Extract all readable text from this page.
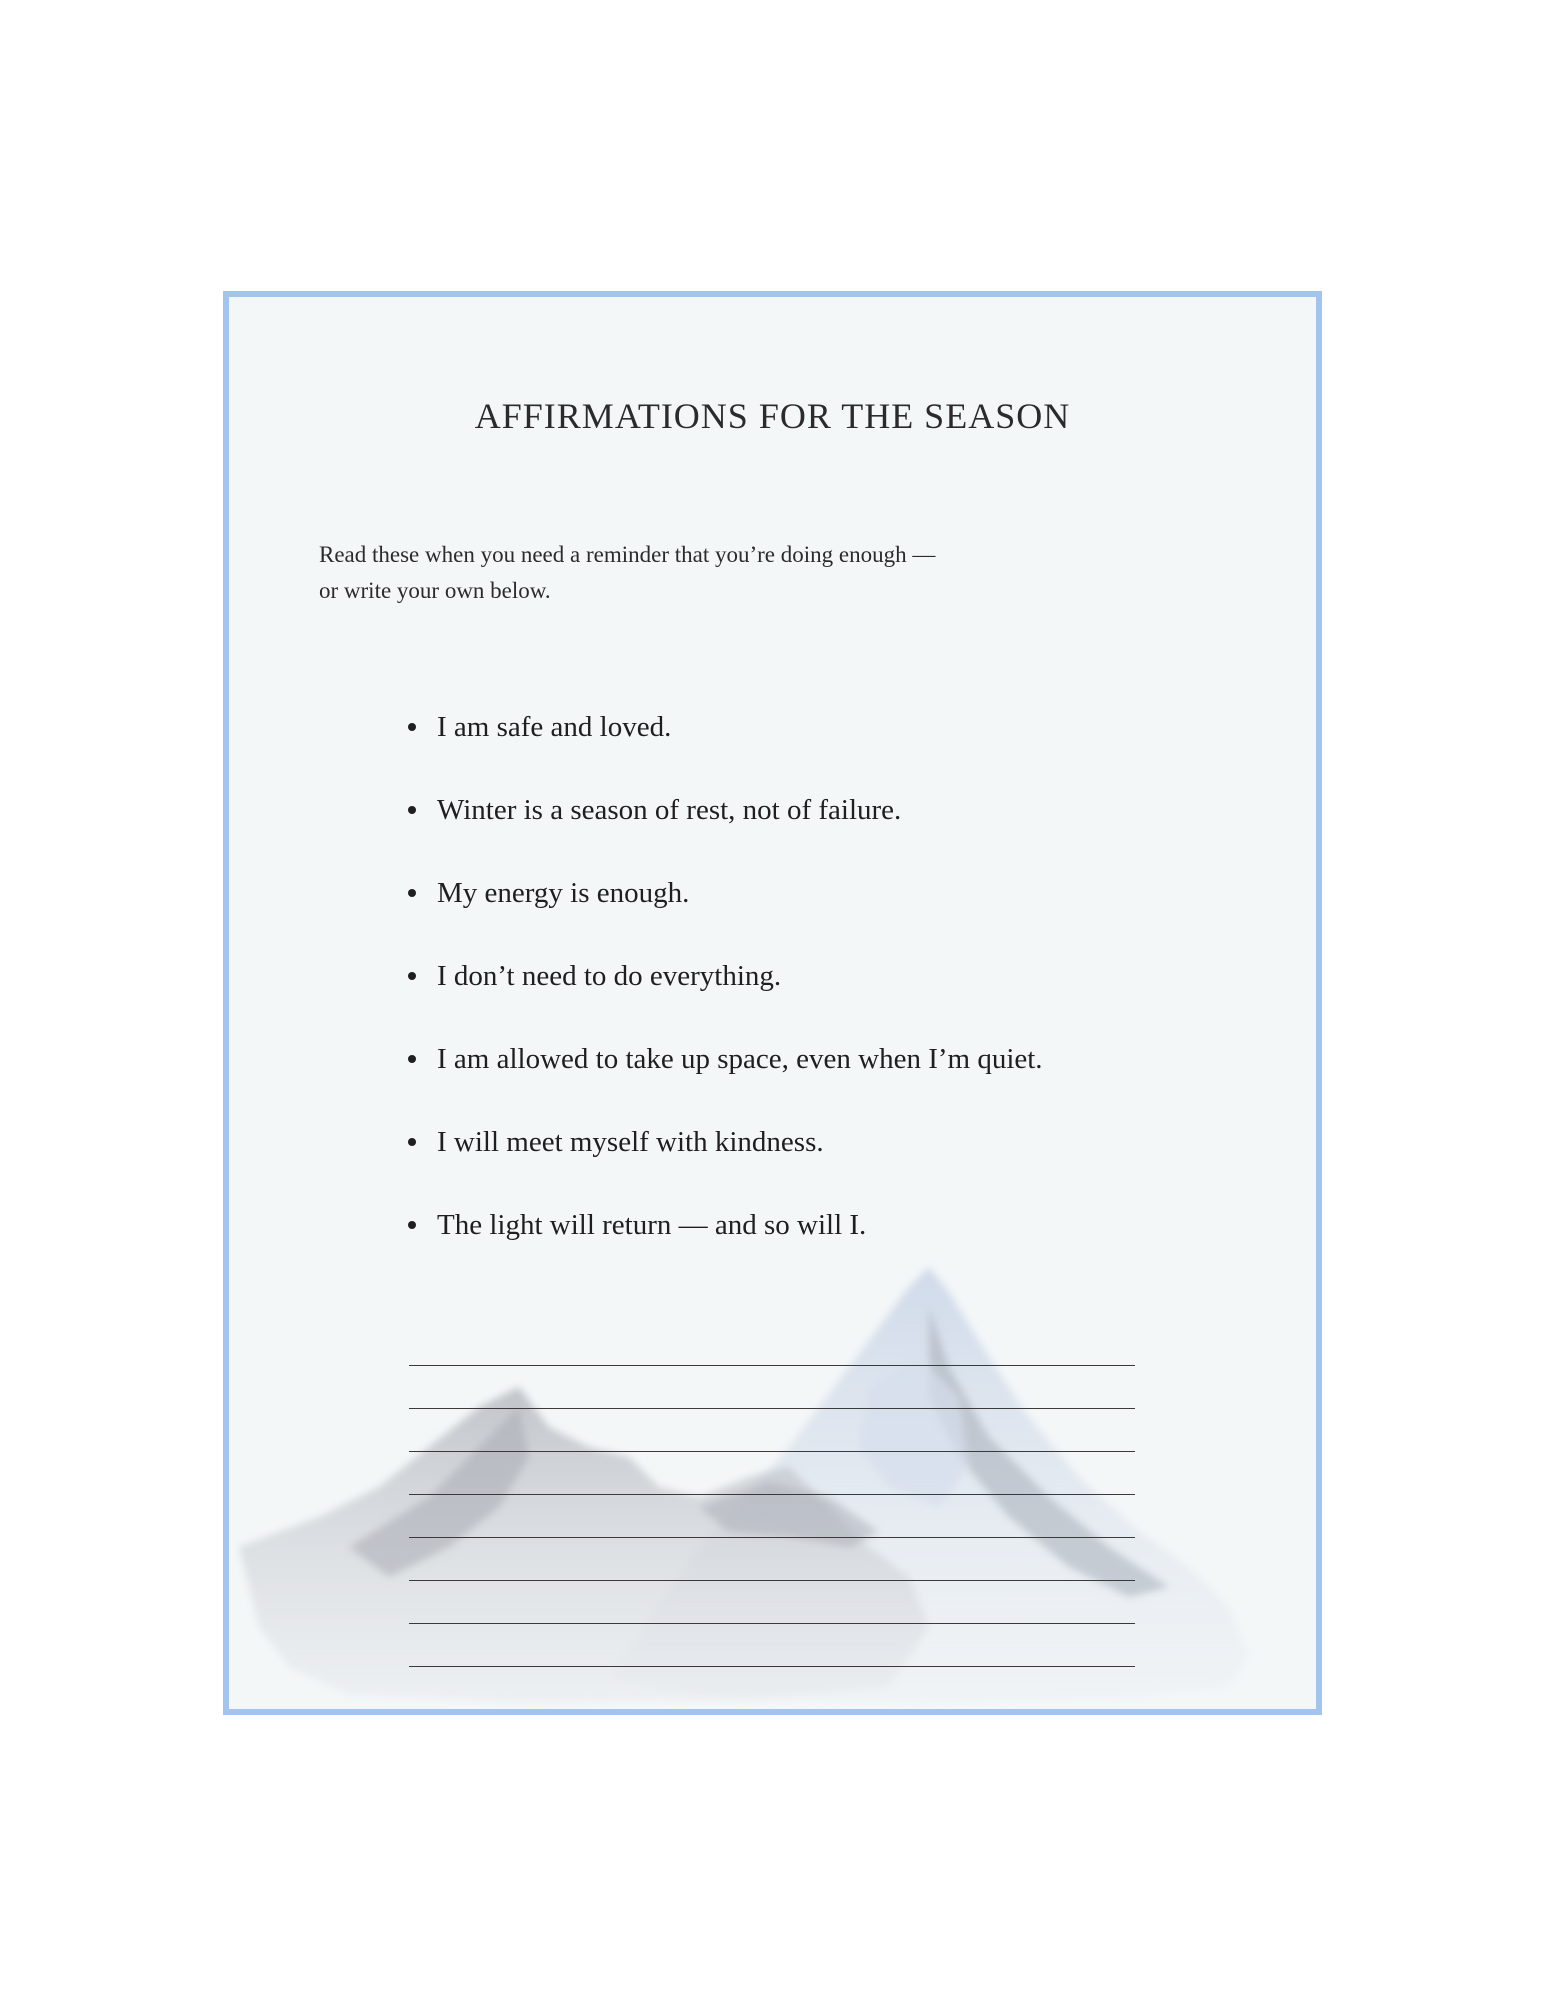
AFFIRMATIONS FOR THE SEASON

Read these when you need a reminder that you’re doing enough — or write your own below.

I am safe and loved.
Winter is a season of rest, not of failure.
My energy is enough.
I don’t need to do everything.
I am allowed to take up space, even when I’m quiet.
I will meet myself with kindness.
The light will return — and so will I.
